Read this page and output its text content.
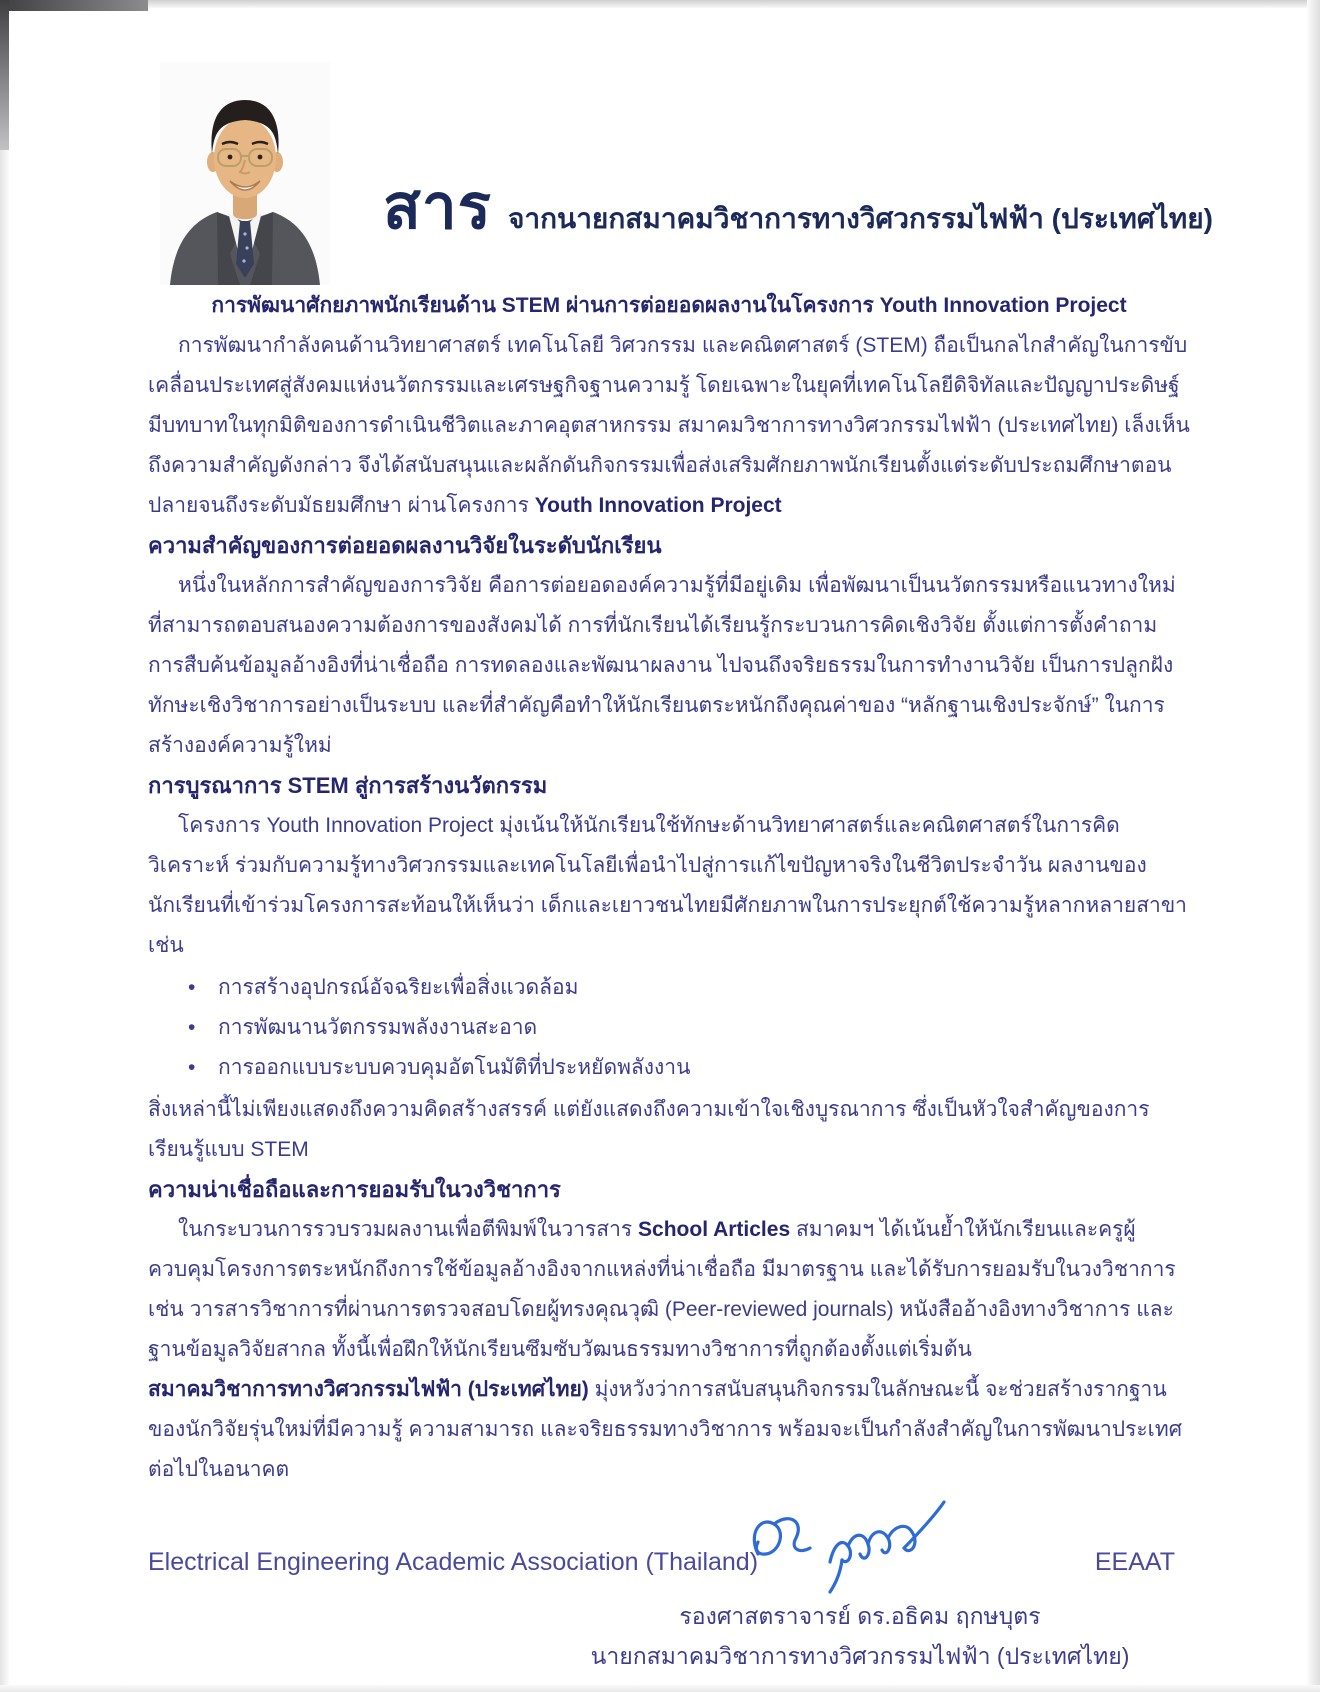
สาร จากนายกสมาคมวิชาการทางวิศวกรรมไฟฟ้า (ประเทศไทย)

การพัฒนาศักยภาพนักเรียนด้าน STEM ผ่านการต่อยอดผลงานในโครงการ Youth Innovation Project

การพัฒนากำลังคนด้านวิทยาศาสตร์ เทคโนโลยี วิศวกรรม และคณิตศาสตร์ (STEM) ถือเป็นกลไกสำคัญในการขับเคลื่อนประเทศสู่สังคมแห่งนวัตกรรมและเศรษฐกิจฐานความรู้ โดยเฉพาะในยุคที่เทคโนโลยีดิจิทัลและปัญญาประดิษฐ์มีบทบาทในทุกมิติของการดำเนินชีวิตและภาคอุตสาหกรรม สมาคมวิชาการทางวิศวกรรมไฟฟ้า (ประเทศไทย) เล็งเห็นถึงความสำคัญดังกล่าว จึงได้สนับสนุนและผลักดันกิจกรรมเพื่อส่งเสริมศักยภาพนักเรียนตั้งแต่ระดับประถมศึกษาตอนปลายจนถึงระดับมัธยมศึกษา ผ่านโครงการ Youth Innovation Project

ความสำคัญของการต่อยอดผลงานวิจัยในระดับนักเรียน

หนึ่งในหลักการสำคัญของการวิจัย คือการต่อยอดองค์ความรู้ที่มีอยู่เดิม เพื่อพัฒนาเป็นนวัตกรรมหรือแนวทางใหม่ ที่สามารถตอบสนองความต้องการของสังคมได้ การที่นักเรียนได้เรียนรู้กระบวนการคิดเชิงวิจัย ตั้งแต่การตั้งคำถาม การสืบค้นข้อมูลอ้างอิงที่น่าเชื่อถือ การทดลองและพัฒนาผลงาน ไปจนถึงจริยธรรมในการทำงานวิจัย เป็นการปลูกฝังทักษะเชิงวิชาการอย่างเป็นระบบ และที่สำคัญคือทำให้นักเรียนตระหนักถึงคุณค่าของ “หลักฐานเชิงประจักษ์” ในการสร้างองค์ความรู้ใหม่

การบูรณาการ STEM สู่การสร้างนวัตกรรม

โครงการ Youth Innovation Project มุ่งเน้นให้นักเรียนใช้ทักษะด้านวิทยาศาสตร์และคณิตศาสตร์ในการคิดวิเคราะห์ ร่วมกับความรู้ทางวิศวกรรมและเทคโนโลยีเพื่อนำไปสู่การแก้ไขปัญหาจริงในชีวิตประจำวัน ผลงานของนักเรียนที่เข้าร่วมโครงการสะท้อนให้เห็นว่า เด็กและเยาวชนไทยมีศักยภาพในการประยุกต์ใช้ความรู้หลากหลายสาขา เช่น

• การสร้างอุปกรณ์อัจฉริยะเพื่อสิ่งแวดล้อม
• การพัฒนานวัตกรรมพลังงานสะอาด
• การออกแบบระบบควบคุมอัตโนมัติที่ประหยัดพลังงาน

สิ่งเหล่านี้ไม่เพียงแสดงถึงความคิดสร้างสรรค์ แต่ยังแสดงถึงความเข้าใจเชิงบูรณาการ ซึ่งเป็นหัวใจสำคัญของการเรียนรู้แบบ STEM

ความน่าเชื่อถือและการยอมรับในวงวิชาการ

ในกระบวนการรวบรวมผลงานเพื่อตีพิมพ์ในวารสาร School Articles สมาคมฯ ได้เน้นย้ำให้นักเรียนและครูผู้ควบคุมโครงการตระหนักถึงการใช้ข้อมูลอ้างอิงจากแหล่งที่น่าเชื่อถือ มีมาตรฐาน และได้รับการยอมรับในวงวิชาการ เช่น วารสารวิชาการที่ผ่านการตรวจสอบโดยผู้ทรงคุณวุฒิ (Peer-reviewed journals) หนังสืออ้างอิงทางวิชาการ และฐานข้อมูลวิจัยสากล ทั้งนี้เพื่อฝึกให้นักเรียนซึมซับวัฒนธรรมทางวิชาการที่ถูกต้องตั้งแต่เริ่มต้น

สมาคมวิชาการทางวิศวกรรมไฟฟ้า (ประเทศไทย) มุ่งหวังว่าการสนับสนุนกิจกรรมในลักษณะนี้ จะช่วยสร้างรากฐานของนักวิจัยรุ่นใหม่ที่มีความรู้ ความสามารถ และจริยธรรมทางวิชาการ พร้อมจะเป็นกำลังสำคัญในการพัฒนาประเทศต่อไปในอนาคต

รองศาสตราจารย์ ดร.อธิคม ฤกษบุตร
นายกสมาคมวิชาการทางวิศวกรรมไฟฟ้า (ประเทศไทย)
Electrical Engineering Academic Association (Thailand)	EEAAT
